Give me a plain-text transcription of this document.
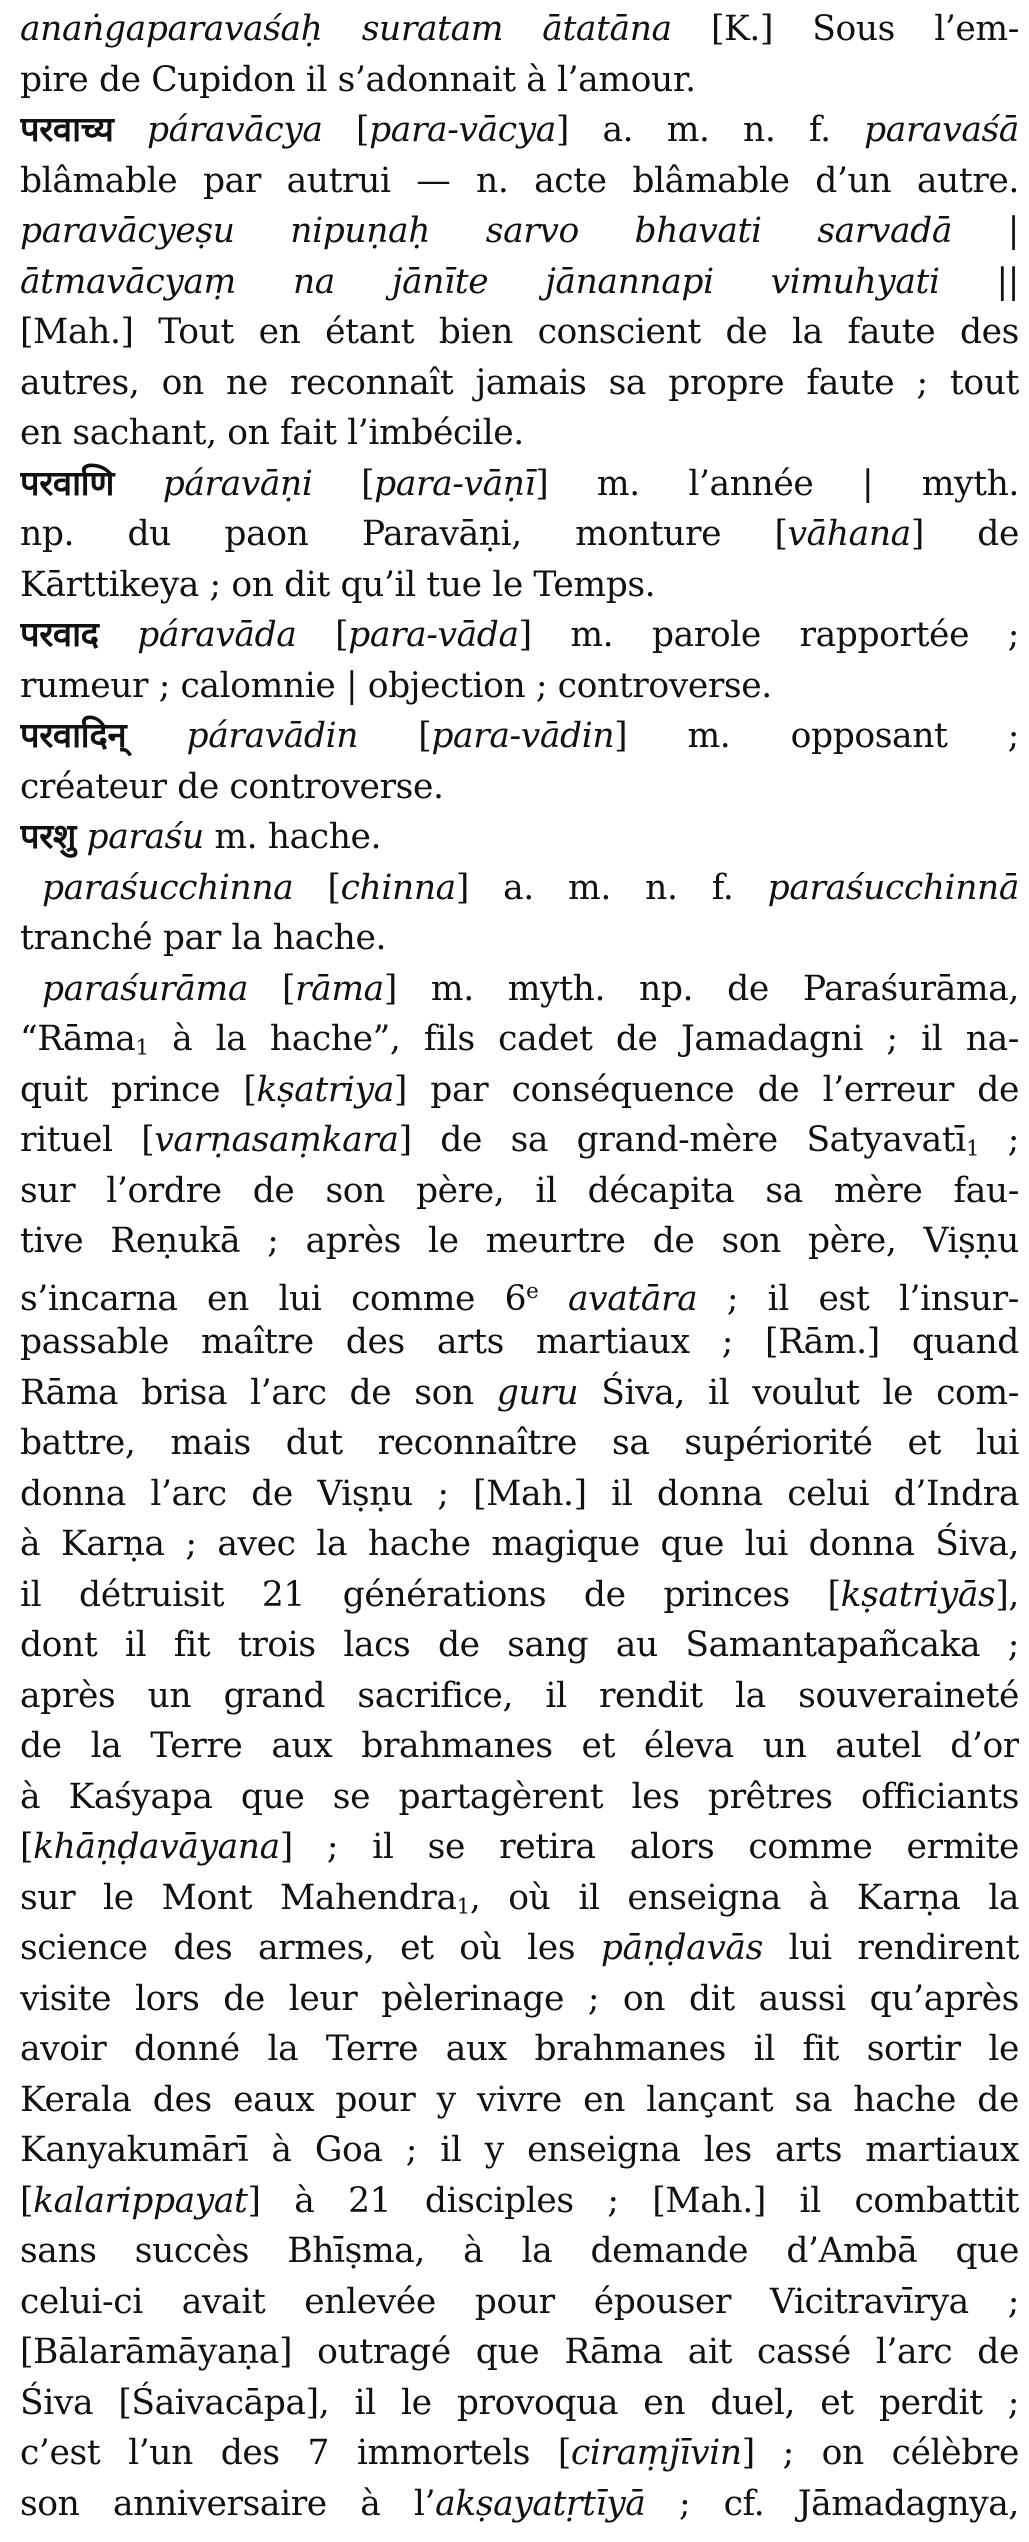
anaṅgaparavaśaḥ suratam ātatāna [K.] Sous l’em-
pire de Cupidon il s’adonnait à l’amour.
परवाच्य páravācya [para-vācya] a. m. n. f. paravaśā
blâmable par autrui — n. acte blâmable d’un autre.
paravācyeṣu nipuṇaḥ sarvo bhavati sarvadā |
ātmavācyaṃ na jānīte jānannapi vimuhyati ||
[Mah.] Tout en étant bien conscient de la faute des
autres, on ne reconnaît jamais sa propre faute ; tout
en sachant, on fait l’imbécile.
परवाणि páravāṇi [para-vāṇī] m. l’année | myth.
np. du paon Paravāṇi, monture [vāhana] de
Kārttikeya ; on dit qu’il tue le Temps.
परवाद páravāda [para-vāda] m. parole rapportée ;
rumeur ; calomnie | objection ; controverse.
परवादिन् páravādin [para-vādin] m. opposant ;
créateur de controverse.
परशु paraśu m. hache.
paraśucchinna [chinna] a. m. n. f. paraśucchinnā
tranché par la hache.
paraśurāma [rāma] m. myth. np. de Paraśurāma,
“Rāma$_1$ à la hache”, fils cadet de Jamadagni ; il na-
quit prince [kṣatriya] par conséquence de l’erreur de
rituel [varṇasaṃkara] de sa grand-mère Satyavatī$_1$ ;
sur l’ordre de son père, il décapita sa mère fau-
tive Reṇukā ; après le meurtre de son père, Viṣṇu
s’incarna en lui comme 6e avatāra ; il est l’insur-
passable maître des arts martiaux ; [Rām.] quand
Rāma brisa l’arc de son guru Śiva, il voulut le com-
battre, mais dut reconnaître sa supériorité et lui
donna l’arc de Viṣṇu ; [Mah.] il donna celui d’Indra
à Karṇa ; avec la hache magique que lui donna Śiva,
il détruisit 21 générations de princes [kṣatriyās],
dont il fit trois lacs de sang au Samantapañcaka ;
après un grand sacrifice, il rendit la souveraineté
de la Terre aux brahmanes et éleva un autel d’or
à Kaśyapa que se partagèrent les prêtres officiants
[khāṇḍavāyana] ; il se retira alors comme ermite
sur le Mont Mahendra$_1$, où il enseigna à Karṇa la
science des armes, et où les pāṇḍavās lui rendirent
visite lors de leur pèlerinage ; on dit aussi qu’après
avoir donné la Terre aux brahmanes il fit sortir le
Kerala des eaux pour y vivre en lançant sa hache de
Kanyakumārī à Goa ; il y enseigna les arts martiaux
[kalarippayat] à 21 disciples ; [Mah.] il combattit
sans succès Bhīṣma, à la demande d’Ambā que
celui-ci avait enlevée pour épouser Vicitravīrya ;
[Bālarāmāyaṇa] outragé que Rāma ait cassé l’arc de
Śiva [Śaivacāpa], il le provoqua en duel, et perdit ;
c’est l’un des 7 immortels [ciraṃjīvin] ; on célèbre
son anniversaire à l’akṣayatṛtīyā ; cf. Jāmadagnya,
